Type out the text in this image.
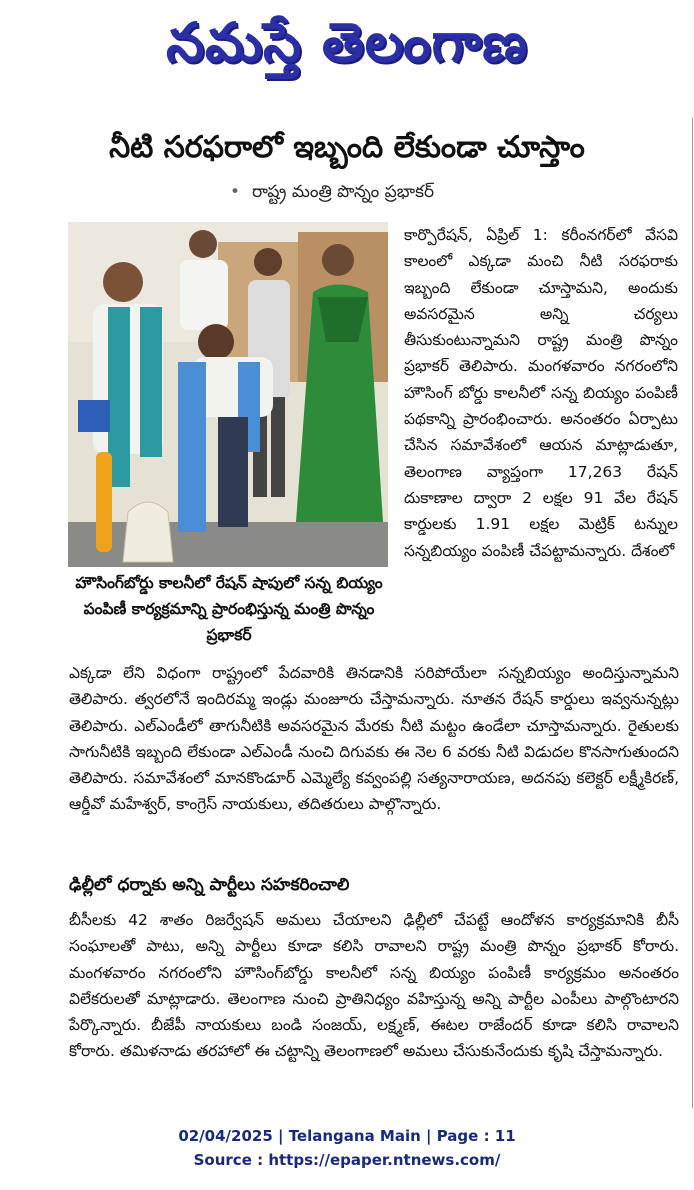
నమస్తే తెలంగాణ
నీటి సరఫరాలో ఇబ్బంది లేకుండా చూస్తాం
• రాష్ట్ర మంత్రి పొన్నం ప్రభాకర్
హౌసింగ్‌బోర్డు కాలనీలో రేషన్ షాపులో సన్న బియ్యం పంపిణీ కార్యక్రమాన్ని ప్రారంభిస్తున్న మంత్రి పొన్నం ప్రభాకర్

కార్పొరేషన్, ఏప్రిల్ 1: కరీంనగర్‌లో వేసవి కాలంలో ఎక్కడా మంచి నీటి సరఫరాకు ఇబ్బంది లేకుండా చూస్తామని, అందుకు అవసరమైన అన్ని చర్యలు తీసుకుంటున్నామని రాష్ట్ర మంత్రి పొన్నం ప్రభాకర్ తెలిపారు. మంగళవారం నగరంలోని హౌసింగ్ బోర్డు కాలనీలో సన్న బియ్యం పంపిణీ పథకాన్ని ప్రారంభించారు. అనంతరం ఏర్పాటు చేసిన సమావేశంలో ఆయన మాట్లాడుతూ, తెలంగాణ వ్యాప్తంగా 17,263 రేషన్ దుకాణాల ద్వారా 2 లక్షల 91 వేల రేషన్ కార్డులకు 1.91 లక్షల మెట్రిక్ టన్నుల సన్నబియ్యం పంపిణీ చేపట్టామన్నారు. దేశంలో

ఎక్కడా లేని విధంగా రాష్ట్రంలో పేదవారికి తినడానికి సరిపోయేలా సన్నబియ్యం అందిస్తున్నామని తెలిపారు. త్వరలోనే ఇందిరమ్మ ఇండ్లు మంజూరు చేస్తామన్నారు. నూతన రేషన్ కార్డులు ఇవ్వనున్నట్లు తెలిపారు. ఎల్ఎండీలో తాగునీటికి అవసరమైన మేరకు నీటి మట్టం ఉండేలా చూస్తామన్నారు. రైతులకు సాగునీటికి ఇబ్బంది లేకుండా ఎల్ఎండీ నుంచి దిగువకు ఈ నెల 6 వరకు నీటి విడుదల కొనసాగుతుందని తెలిపారు. సమావేశంలో మానకొండూర్ ఎమ్మెల్యే కవ్వంపల్లి సత్యనారాయణ, అదనపు కలెక్టర్ లక్ష్మీకిరణ్, ఆర్డీవో మహేశ్వర్, కాంగ్రెస్ నాయకులు, తదితరులు పాల్గొన్నారు.

ఢిల్లీలో ధర్నాకు అన్ని పార్టీలు సహకరించాలి

బీసీలకు 42 శాతం రిజర్వేషన్ అమలు చేయాలని ఢిల్లీలో చేపట్టే ఆందోళన కార్యక్రమానికి బీసీ సంఘాలతో పాటు, అన్ని పార్టీలు కూడా కలిసి రావాలని రాష్ట్ర మంత్రి పొన్నం ప్రభాకర్ కోరారు. మంగళవారం నగరంలోని హౌసింగ్‌బోర్డు కాలనీలో సన్న బియ్యం పంపిణీ కార్యక్రమం అనంతరం విలేకరులతో మాట్లాడారు. తెలంగాణ నుంచి ప్రాతినిధ్యం వహిస్తున్న అన్ని పార్టీల ఎంపీలు పాల్గొంటారని పేర్కొన్నారు. బీజేపీ నాయకులు బండి సంజయ్, లక్ష్మణ్, ఈటల రాజేందర్ కూడా కలిసి రావాలని కోరారు. తమిళనాడు తరహాలో ఈ చట్టాన్ని తెలంగాణలో అమలు చేసుకునేందుకు కృషి చేస్తామన్నారు.

02/04/2025 | Telangana Main | Page : 11
Source : https://epaper.ntnews.com/
